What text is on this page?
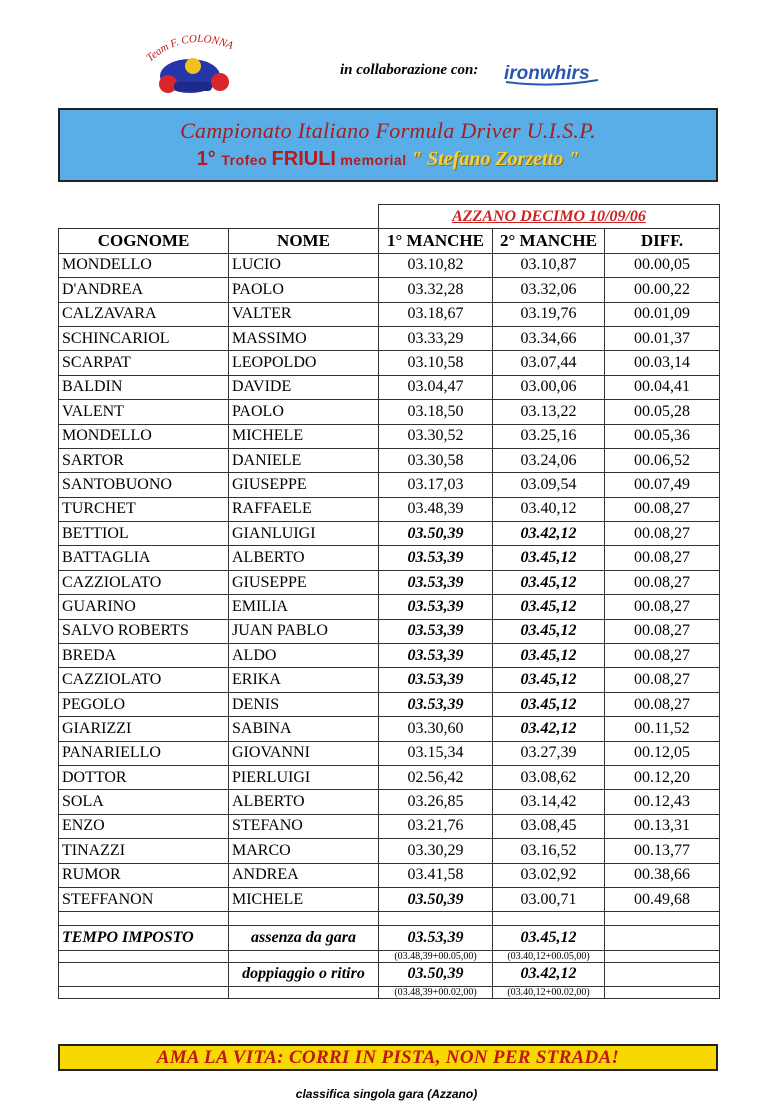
Team F. COLONNA
in collaborazione con: ironwhirs
Campionato Italiano Formula Driver U.I.S.P.
1° Trofeo FRIULI memorial " Stefano Zorzetto "
		AZZANO DECIMO 10/09/06		
COGNOME	NOME	1° MANCHE	2° MANCHE	DIFF.
MONDELLO	LUCIO	03.10,82	03.10,87	00.00,05
D'ANDREA	PAOLO	03.32,28	03.32,06	00.00,22
CALZAVARA	VALTER	03.18,67	03.19,76	00.01,09
SCHINCARIOL	MASSIMO	03.33,29	03.34,66	00.01,37
SCARPAT	LEOPOLDO	03.10,58	03.07,44	00.03,14
BALDIN	DAVIDE	03.04,47	03.00,06	00.04,41
VALENT	PAOLO	03.18,50	03.13,22	00.05,28
MONDELLO	MICHELE	03.30,52	03.25,16	00.05,36
SARTOR	DANIELE	03.30,58	03.24,06	00.06,52
SANTOBUONO	GIUSEPPE	03.17,03	03.09,54	00.07,49
TURCHET	RAFFAELE	03.48,39	03.40,12	00.08,27
BETTIOL	GIANLUIGI	03.50,39	03.42,12	00.08,27
BATTAGLIA	ALBERTO	03.53,39	03.45,12	00.08,27
CAZZIOLATO	GIUSEPPE	03.53,39	03.45,12	00.08,27
GUARINO	EMILIA	03.53,39	03.45,12	00.08,27
SALVO ROBERTS	JUAN PABLO	03.53,39	03.45,12	00.08,27
BREDA	ALDO	03.53,39	03.45,12	00.08,27
CAZZIOLATO	ERIKA	03.53,39	03.45,12	00.08,27
PEGOLO	DENIS	03.53,39	03.45,12	00.08,27
GIARIZZI	SABINA	03.30,60	03.42,12	00.11,52
PANARIELLO	GIOVANNI	03.15,34	03.27,39	00.12,05
DOTTOR	PIERLUIGI	02.56,42	03.08,62	00.12,20
SOLA	ALBERTO	03.26,85	03.14,42	00.12,43
ENZO	STEFANO	03.21,76	03.08,45	00.13,31
TINAZZI	MARCO	03.30,29	03.16,52	00.13,77
RUMOR	ANDREA	03.41,58	03.02,92	00.38,66
STEFFANON	MICHELE	03.50,39	03.00,71	00.49,68

TEMPO IMPOSTO	assenza da gara	03.53,39	03.45,12	
		(03.48,39+00.05,00)	(03.40,12+00.05,00)	
	doppiaggio o ritiro	03.50,39	03.42,12	
		(03.48,39+00.02,00)	(03.40,12+00.02,00)	
AMA LA VITA: CORRI IN PISTA, NON PER STRADA!
classifica singola gara (Azzano)
